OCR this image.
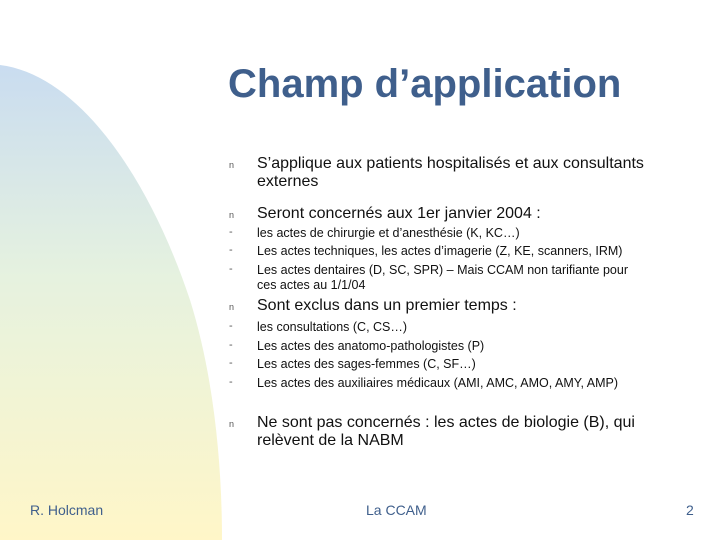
Champ d’application
n S’applique aux patients hospitalisés et aux consultants
externes
n Seront concernés aux 1er janvier 2004 :
- les actes de chirurgie et d’anesthésie (K, KC…)
- Les actes techniques, les actes d’imagerie (Z, KE, scanners, IRM)
- Les actes dentaires (D, SC, SPR) – Mais CCAM non tarifiante pour
ces actes au 1/1/04
n Sont exclus dans un premier temps :
- les consultations (C, CS…)
- Les actes des anatomo-pathologistes (P)
- Les actes des sages-femmes (C, SF…)
- Les actes des auxiliaires médicaux (AMI, AMC, AMO, AMY, AMP)
n Ne sont pas concernés : les actes de biologie (B), qui
relèvent de la NABM
R. Holcman	La CCAM	2
